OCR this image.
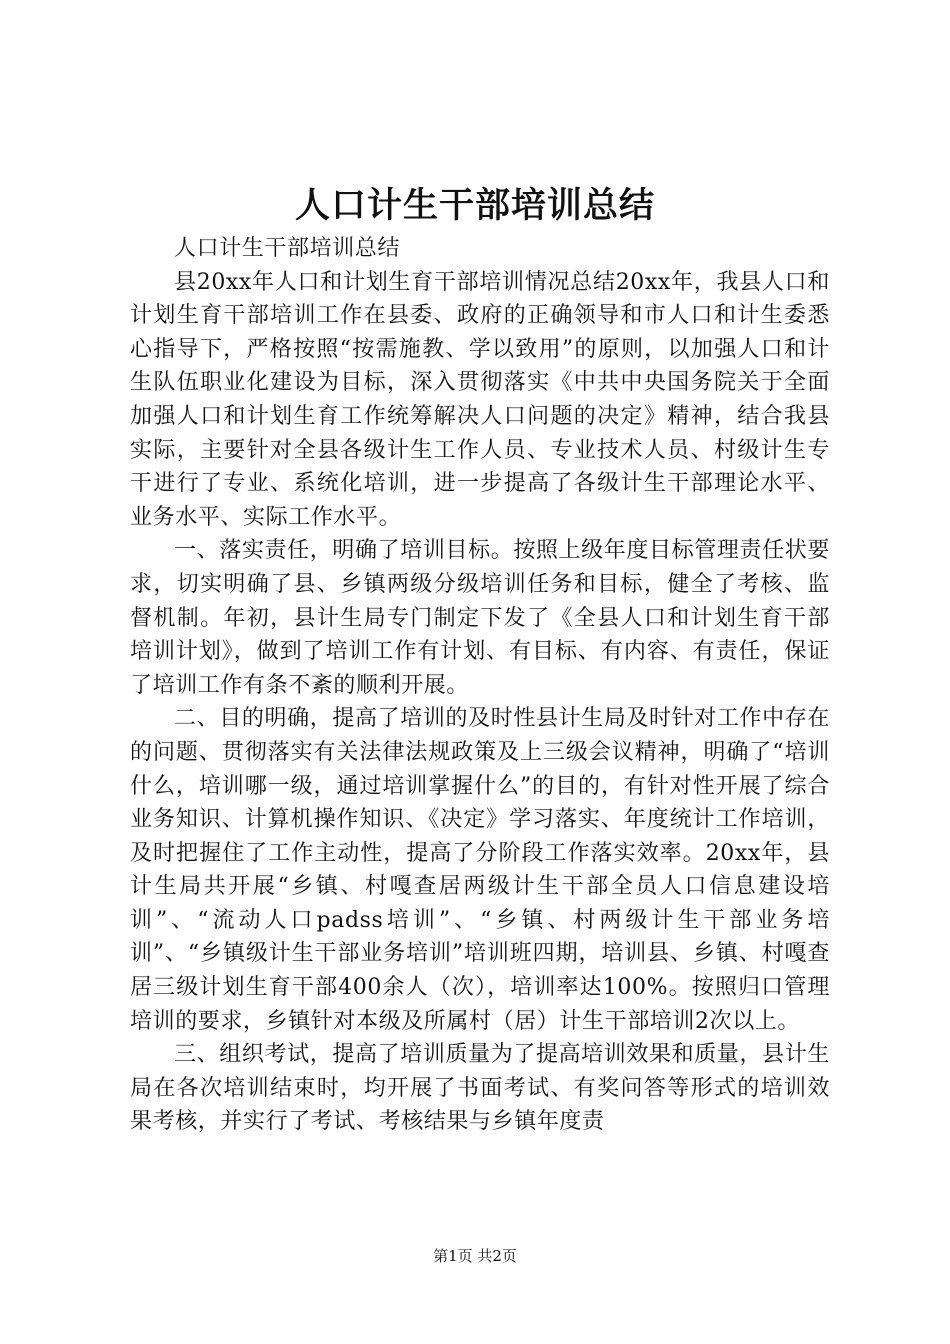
人口计生干部培训总结

人口计生干部培训总结

县20xx年人口和计划生育干部培训情况总结20xx年，我县人口和计划生育干部培训工作在县委、政府的正确领导和市人口和计生委悉心指导下，严格按照“按需施教、学以致用”的原则，以加强人口和计生队伍职业化建设为目标，深入贯彻落实《中共中央国务院关于全面加强人口和计划生育工作统筹解决人口问题的决定》精神，结合我县实际，主要针对全县各级计生工作人员、专业技术人员、村级计生专干进行了专业、系统化培训，进一步提高了各级计生干部理论水平、业务水平、实际工作水平。

一、落实责任，明确了培训目标。按照上级年度目标管理责任状要求，切实明确了县、乡镇两级分级培训任务和目标，健全了考核、监督机制。年初，县计生局专门制定下发了《全县人口和计划生育干部培训计划》，做到了培训工作有计划、有目标、有内容、有责任，保证了培训工作有条不紊的顺利开展。

二、目的明确，提高了培训的及时性县计生局及时针对工作中存在的问题、贯彻落实有关法律法规政策及上三级会议精神，明确了“培训什么，培训哪一级，通过培训掌握什么”的目的，有针对性开展了综合业务知识、计算机操作知识、《决定》学习落实、年度统计工作培训，及时把握住了工作主动性，提高了分阶段工作落实效率。20xx年，县计生局共开展“乡镇、村嘎查居两级计生干部全员人口信息建设培训”、“流动人口padss培训”、“乡镇、村两级计生干部业务培训”、“乡镇级计生干部业务培训”培训班四期，培训县、乡镇、村嘎查居三级计划生育干部400余人（次），培训率达100%。按照归口管理培训的要求，乡镇针对本级及所属村（居）计生干部培训2次以上。

三、组织考试，提高了培训质量为了提高培训效果和质量，县计生局在各次培训结束时，均开展了书面考试、有奖问答等形式的培训效果考核，并实行了考试、考核结果与乡镇年度责

第1页 共2页
